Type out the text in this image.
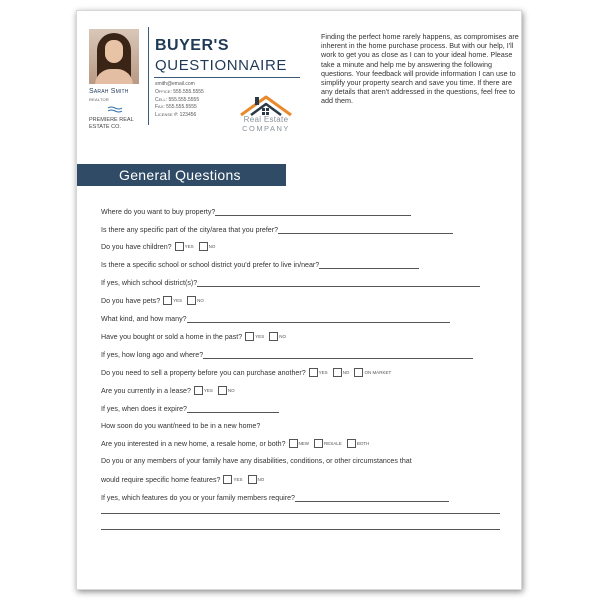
Sarah Smith
REALTOR
PREMIERE REAL
ESTATE CO.
BUYER'S
QUESTIONNAIRE
smith@email.com
Office: 555.555.5555
Cell: 555.555.5555
Fax: 555.555.5555
License #: 123456	Real Estate
COMPANY
Finding the perfect home rarely happens, as compromises are inherent in the home purchase process. But with our help, I'll work to get you as close as I can to your ideal home. Please take a minute and help me by answering the following questions. Your feedback will provide information I can use to simplify your property search and save you time. If there are any details that aren't addressed in the questions, feel free to add them.
General Questions
Where do you want to buy property?
Is there any specific part of the city/area that you prefer?
Do you have children?	YES	NO
Is there a specific school or school district you'd prefer to live in/near?
If yes, which school district(s)?
Do you have pets?	YES	NO
What kind, and how many?
Have you bought or sold a home in the past?	YES	NO
If yes, how long ago and where?
Do you need to sell a property before you can purchase another?	YES	NO	ON MARKET
Are you currently in a lease?	YES	NO
If yes, when does it expire?
How soon do you want/need to be in a new home?
Are you interested in a new home, a resale home, or both?	NEW	RESALE	BOTH
Do you or any members of your family have any disabilities, conditions, or other circumstances that
would require specific home features?	YES	NO
If yes, which features do you or your family members require?
